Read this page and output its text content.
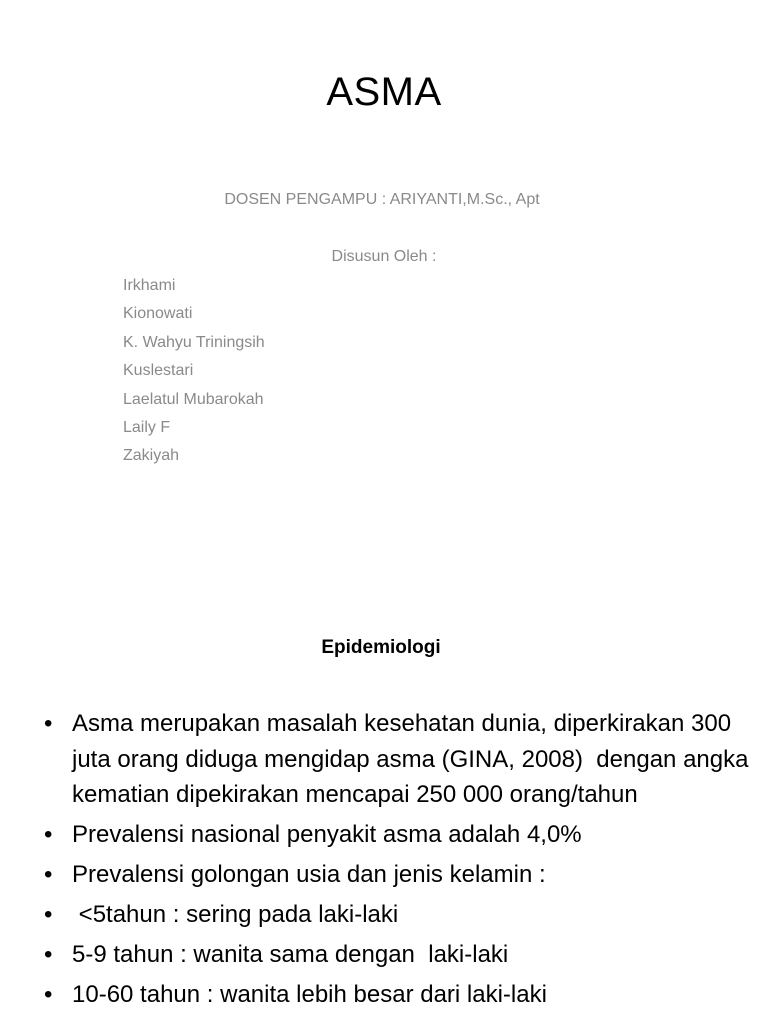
ASMA
DOSEN PENGAMPU : ARIYANTI,M.Sc., Apt
Disusun Oleh :
Irkhami
Kionowati
K. Wahyu Triningsih
Kuslestari
Laelatul Mubarokah
Laily F
Zakiyah
Epidemiologi
• Asma merupakan masalah kesehatan dunia, diperkirakan 300 juta orang diduga mengidap asma (GINA, 2008)  dengan angka kematian dipekirakan mencapai 250 000 orang/tahun
• Prevalensi nasional penyakit asma adalah 4,0%
• Prevalensi golongan usia dan jenis kelamin :
• <5tahun : sering pada laki-laki
• 5-9 tahun : wanita sama dengan  laki-laki
• 10-60 tahun : wanita lebih besar dari laki-laki
